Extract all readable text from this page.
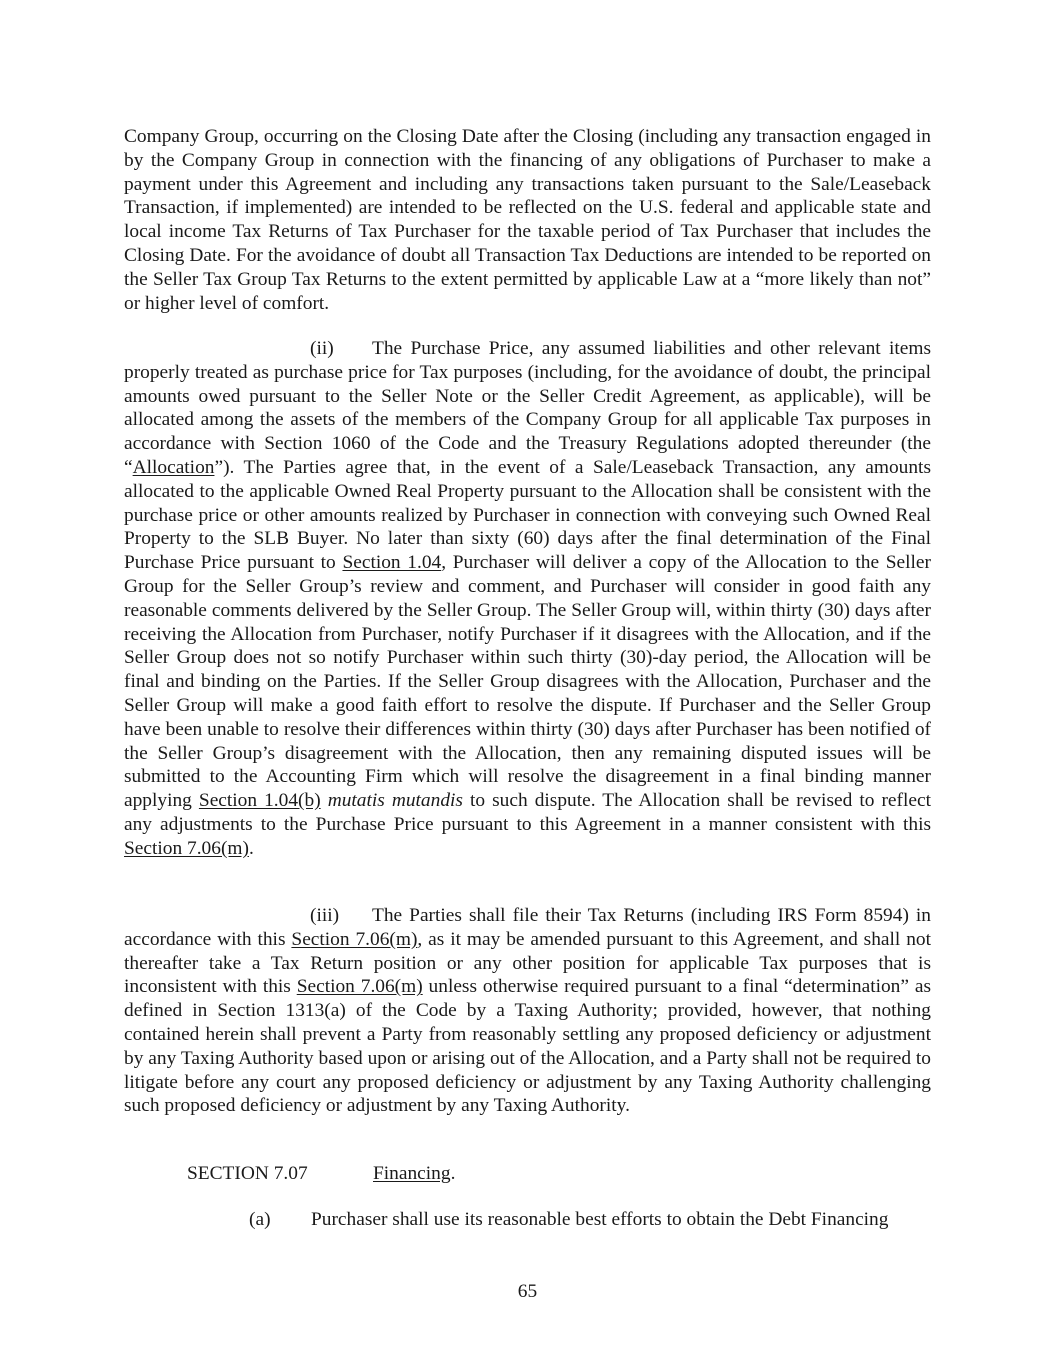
Company Group, occurring on the Closing Date after the Closing (including any transaction engaged in by the Company Group in connection with the financing of any obligations of Purchaser to make a payment under this Agreement and including any transactions taken pursuant to the Sale/Leaseback Transaction, if implemented) are intended to be reflected on the U.S. federal and applicable state and local income Tax Returns of Tax Purchaser for the taxable period of Tax Purchaser that includes the Closing Date. For the avoidance of doubt all Transaction Tax Deductions are intended to be reported on the Seller Tax Group Tax Returns to the extent permitted by applicable Law at a “more likely than not” or higher level of comfort.

(ii) The Purchase Price, any assumed liabilities and other relevant items properly treated as purchase price for Tax purposes (including, for the avoidance of doubt, the principal amounts owed pursuant to the Seller Note or the Seller Credit Agreement, as applicable), will be allocated among the assets of the members of the Company Group for all applicable Tax purposes in accordance with Section 1060 of the Code and the Treasury Regulations adopted thereunder (the “Allocation”). The Parties agree that, in the event of a Sale/Leaseback Transaction, any amounts allocated to the applicable Owned Real Property pursuant to the Allocation shall be consistent with the purchase price or other amounts realized by Purchaser in connection with conveying such Owned Real Property to the SLB Buyer. No later than sixty (60) days after the final determination of the Final Purchase Price pursuant to Section 1.04, Purchaser will deliver a copy of the Allocation to the Seller Group for the Seller Group’s review and comment, and Purchaser will consider in good faith any reasonable comments delivered by the Seller Group. The Seller Group will, within thirty (30) days after receiving the Allocation from Purchaser, notify Purchaser if it disagrees with the Allocation, and if the Seller Group does not so notify Purchaser within such thirty (30)-day period, the Allocation will be final and binding on the Parties. If the Seller Group disagrees with the Allocation, Purchaser and the Seller Group will make a good faith effort to resolve the dispute. If Purchaser and the Seller Group have been unable to resolve their differences within thirty (30) days after Purchaser has been notified of the Seller Group’s disagreement with the Allocation, then any remaining disputed issues will be submitted to the Accounting Firm which will resolve the disagreement in a final binding manner applying Section 1.04(b) mutatis mutandis to such dispute. The Allocation shall be revised to reflect any adjustments to the Purchase Price pursuant to this Agreement in a manner consistent with this Section 7.06(m).

(iii) The Parties shall file their Tax Returns (including IRS Form 8594) in accordance with this Section 7.06(m), as it may be amended pursuant to this Agreement, and shall not thereafter take a Tax Return position or any other position for applicable Tax purposes that is inconsistent with this Section 7.06(m) unless otherwise required pursuant to a final “determination” as defined in Section 1313(a) of the Code by a Taxing Authority; provided, however, that nothing contained herein shall prevent a Party from reasonably settling any proposed deficiency or adjustment by any Taxing Authority based upon or arising out of the Allocation, and a Party shall not be required to litigate before any court any proposed deficiency or adjustment by any Taxing Authority challenging such proposed deficiency or adjustment by any Taxing Authority.

SECTION 7.07	Financing.

(a) Purchaser shall use its reasonable best efforts to obtain the Debt Financing

65
